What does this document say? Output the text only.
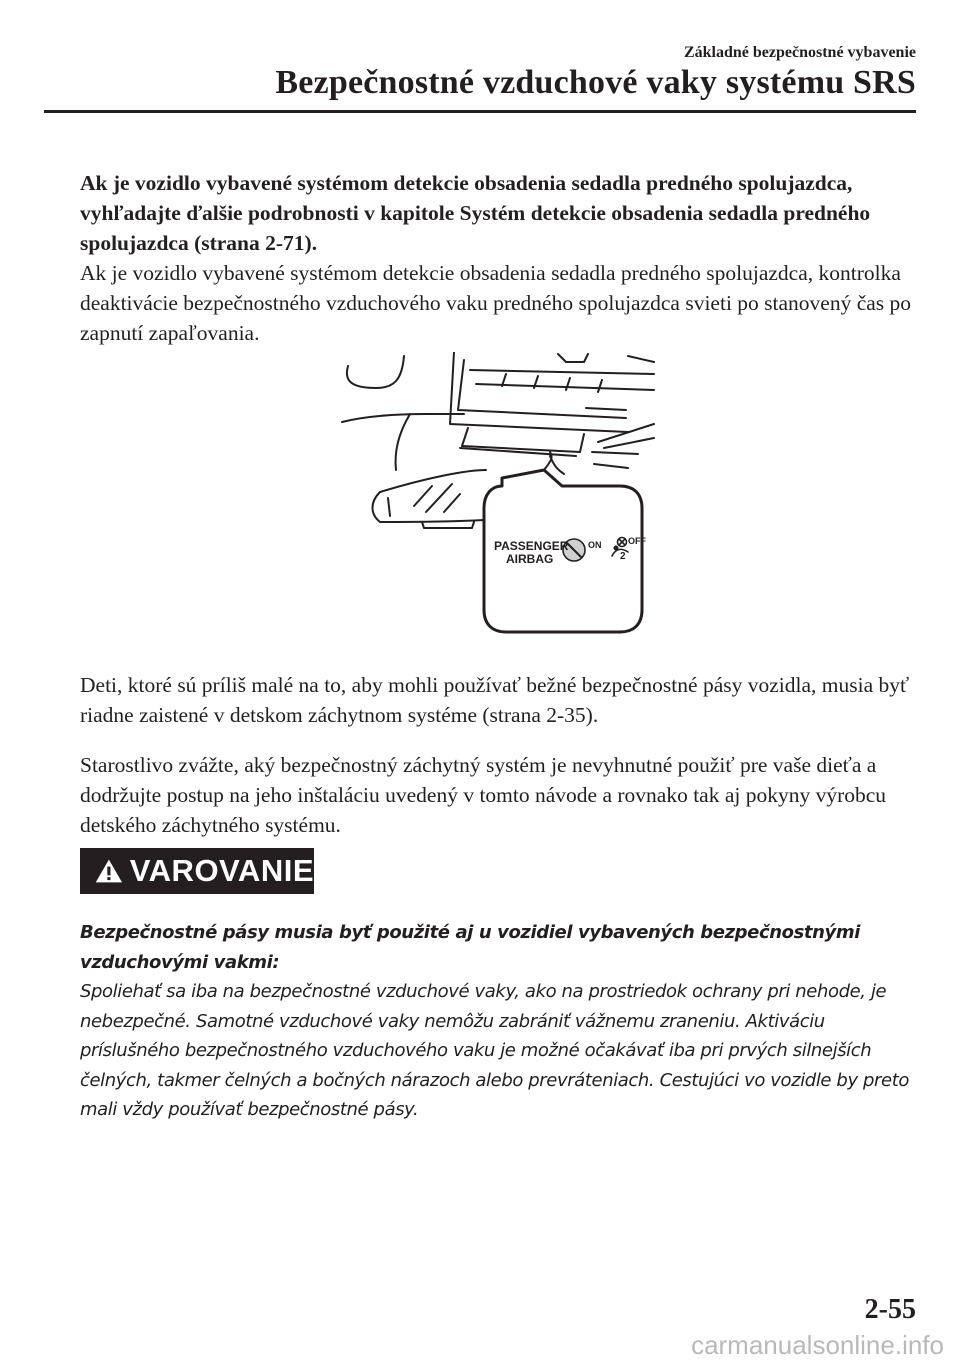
Základné bezpečnostné vybavenie
Bezpečnostné vzduchové vaky systému SRS

Ak je vozidlo vybavené systémom detekcie obsadenia sedadla predného spolujazdca, vyhľadajte ďalšie podrobnosti v kapitole Systém detekcie obsadenia sedadla predného spolujazdca (strana 2-71).

Ak je vozidlo vybavené systémom detekcie obsadenia sedadla predného spolujazdca, kontrolka deaktivácie bezpečnostného vzduchového vaku predného spolujazdca svieti po stanovený čas po zapnutí zapaľovania.

PASSENGER
AIRBAG
ON	OFF
2

Deti, ktoré sú príliš malé na to, aby mohli používať bežné bezpečnostné pásy vozidla, musia byť riadne zaistené v detskom záchytnom systéme (strana 2-35).

Starostlivo zvážte, aký bezpečnostný záchytný systém je nevyhnutné použiť pre vaše dieťa a dodržujte postup na jeho inštaláciu uvedený v tomto návode a rovnako tak aj pokyny výrobcu detského záchytného systému.

VAROVANIE

Bezpečnostné pásy musia byť použité aj u vozidiel vybavených bezpečnostnými vzduchovými vakmi:

Spoliehať sa iba na bezpečnostné vzduchové vaky, ako na prostriedok ochrany pri nehode, je nebezpečné. Samotné vzduchové vaky nemôžu zabrániť vážnemu zraneniu. Aktiváciu príslušného bezpečnostného vzduchového vaku je možné očakávať iba pri prvých silnejších čelných, takmer čelných a bočných nárazoch alebo prevráteniach. Cestujúci vo vozidle by preto mali vždy používať bezpečnostné pásy.

2-55
carmanualsonline.info
